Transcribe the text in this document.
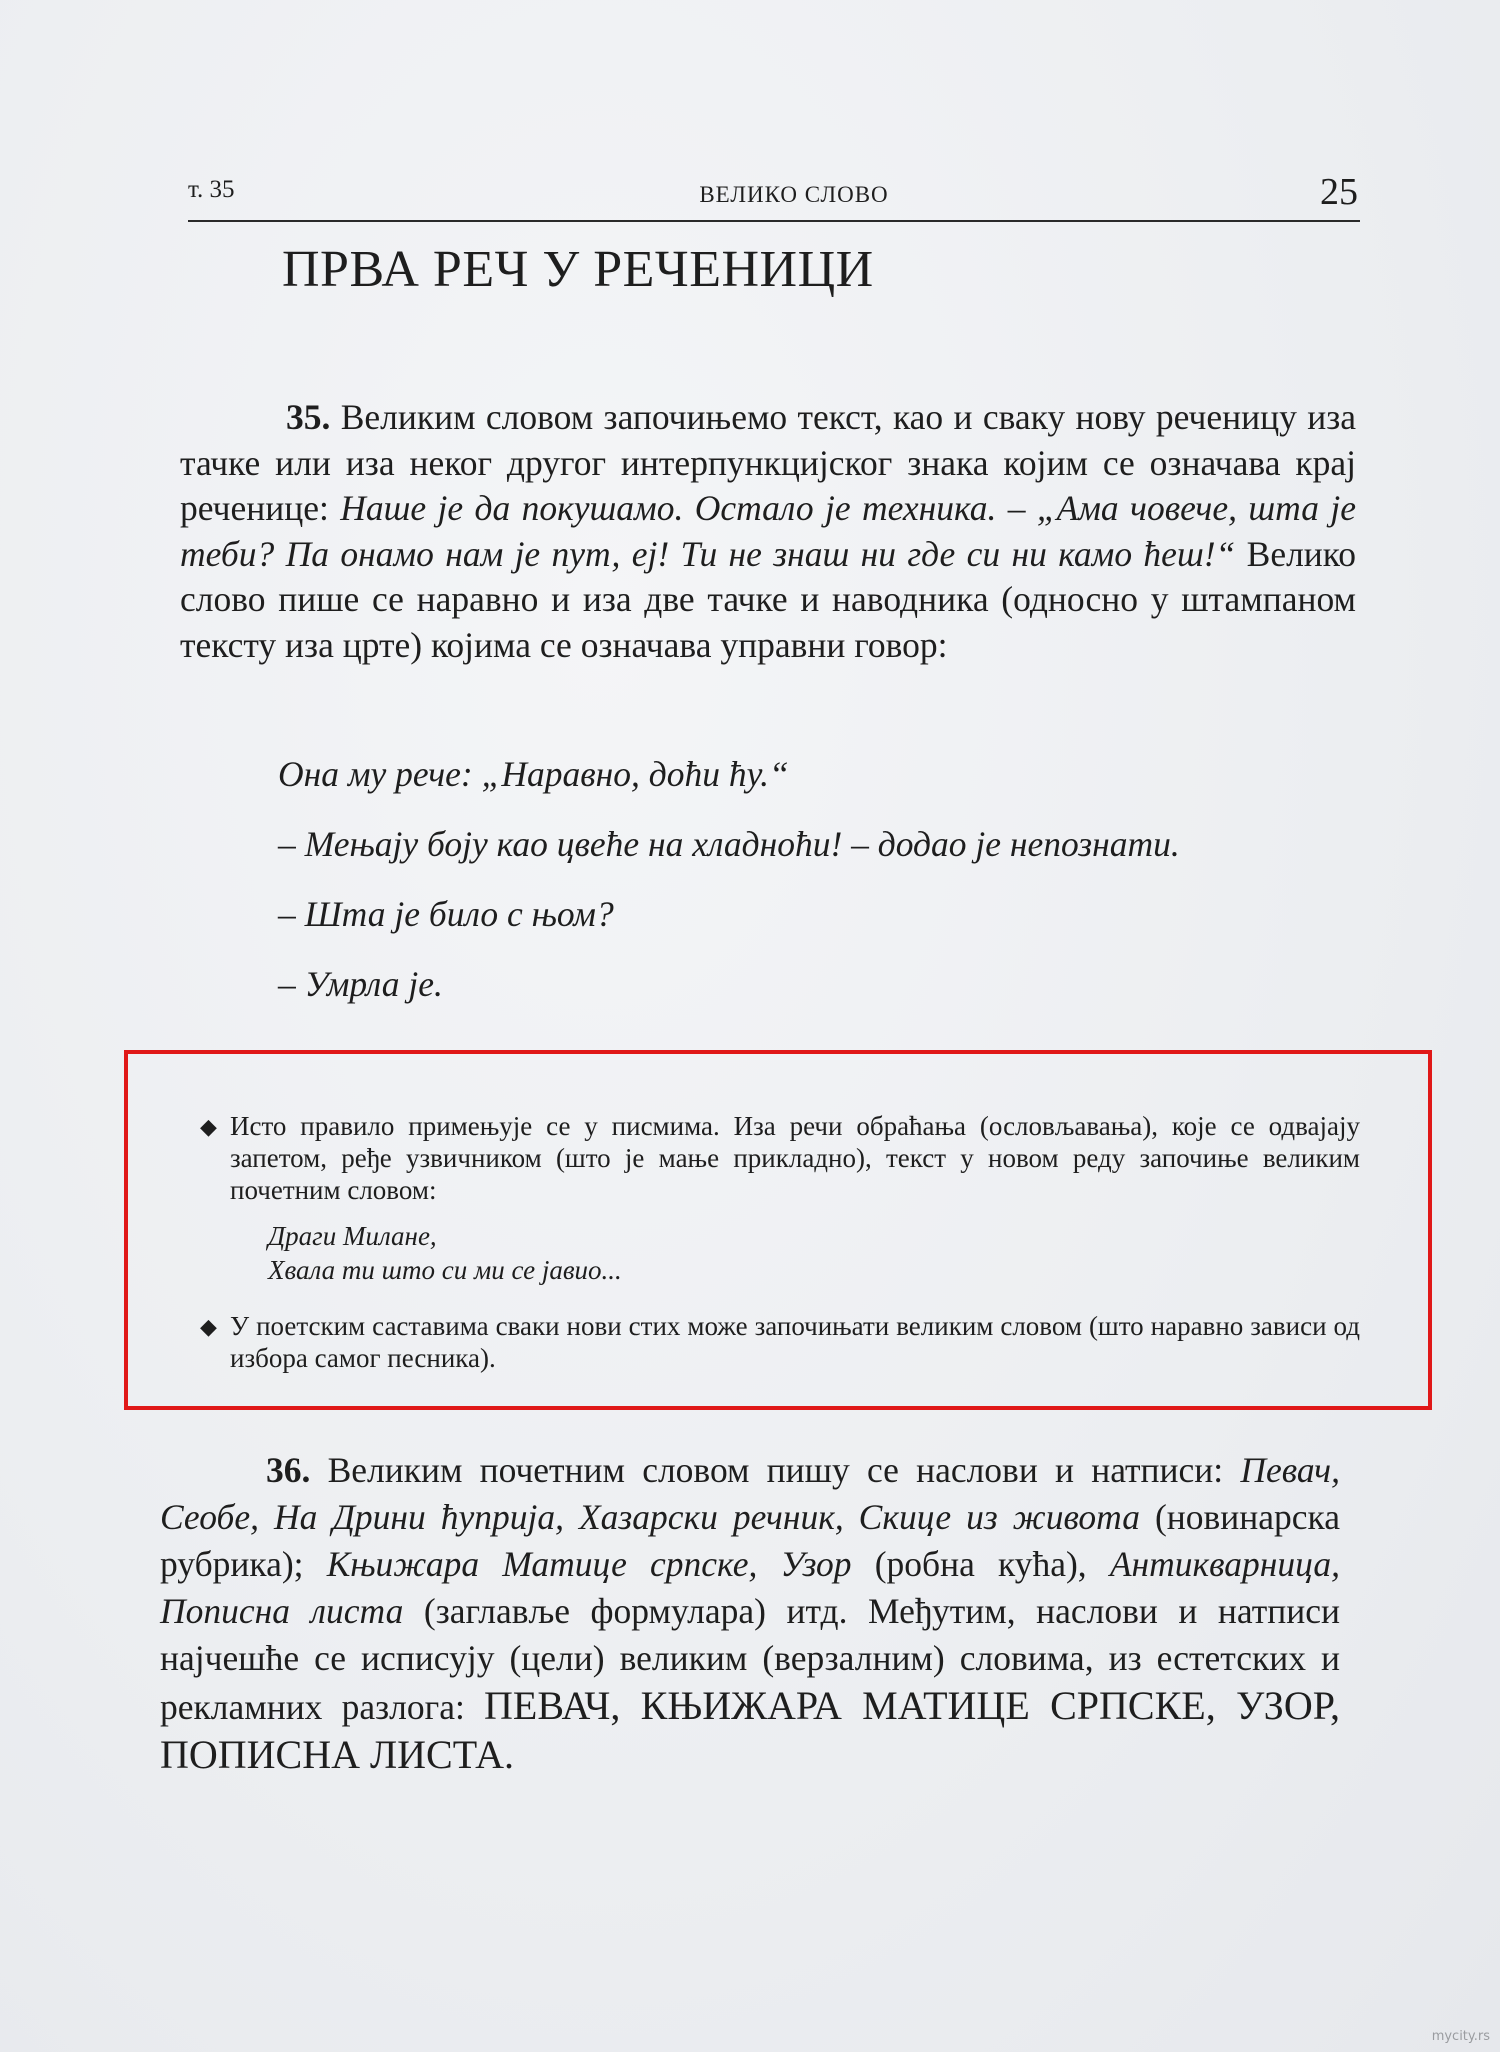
т. 35	ВЕЛИКО СЛОВО	25
ПРВА РЕЧ У РЕЧЕНИЦИ

35. Великим словом започињемо текст, као и сваку нову реченицу иза тачке или иза неког другог интерпункцијског знака којим се означава крај реченице: Наше је да покушамо. Остало је техника. – „Ама човече, шта је теби? Па онамо нам је пут, еј! Ти не знаш ни где си ни камо ћеш!“ Велико слово пише се наравно и иза две тачке и наводника (односно у штампаном тексту иза црте) којима се означава управни говор:

Она му рече: „Наравно, доћи ћу.“
– Мењају боју као цвеће на хладноћи! – додао је непознати.
– Шта је било с њом?
– Умрла је.
◆ Исто правило примењује се у писмима. Иза речи обраћања (ословљавања), које се одвајају запетом, ређе узвичником (што је мање прикладно), текст у новом реду започиње великим почетним словом:
Драги Милане,
Хвала ти што си ми се јавио...
◆ У поетским саставима сваки нови стих може започињати великим словом (што наравно зависи од избора самог песника).

36. Великим почетним словом пишу се наслови и натписи: Певач, Сеобе, На Дрини ћуприја, Хазарски речник, Скице из живота (новинарска рубрика); Књижара Матице српске, Узор (робна кућа), Антикварница, Пописна листа (заглавље формулара) итд. Међутим, наслови и натписи најчешће се исписују (цели) великим (верзалним) словима, из естетских и рекламних разлога: ПЕВАЧ, КЊИЖАРА МАТИЦЕ СРПСКЕ, УЗОР, ПОПИСНА ЛИСТА.

mycity.rs
